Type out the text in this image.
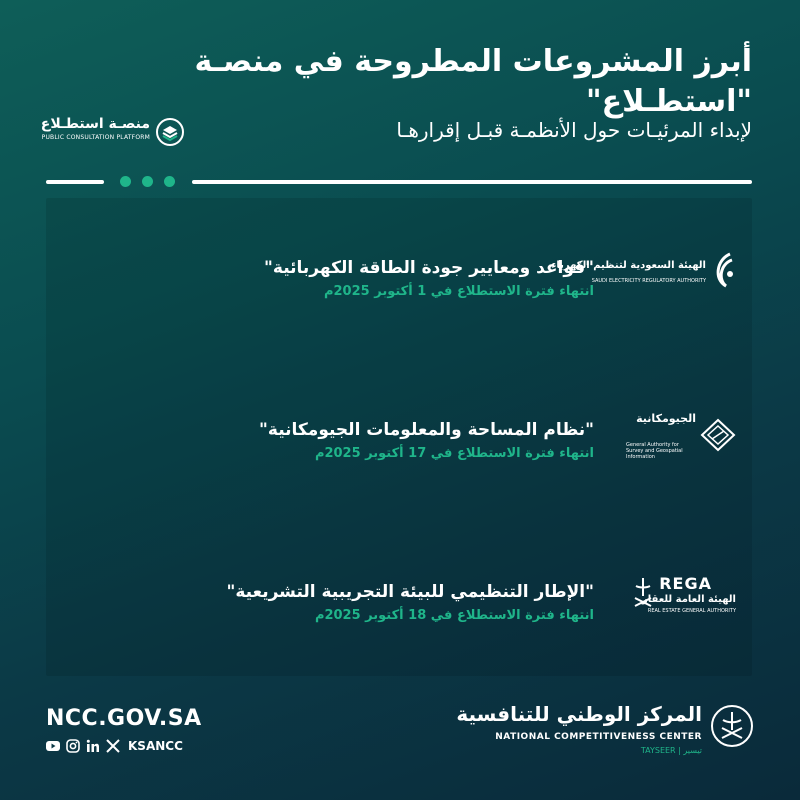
أبرز المشروعات المطروحة في منصـة "استطـلاع"
لإبداء المرئيـات حول الأنظمـة قبـل إقرارهـا
منصـة استطـلاع
PUBLIC CONSULTATION PLATFORM
"قواعد ومعايير جودة الطاقة الكهربائية"
انتهاء فترة الاستطلاع في 1 أكتوبر 2025م
الهيئة السعودية لتنظيم الكهرباء
SAUDI ELECTRICITY REGULATORY AUTHORITY
"نظام المساحة والمعلومات الجيومكانية"
انتهاء فترة الاستطلاع في 17 أكتوبر 2025م
الجيومكانية
General Authority for Survey and Geospatial Information
"الإطار التنظيمي للبيئة التجريبية التشريعية"
انتهاء فترة الاستطلاع في 18 أكتوبر 2025م
REGA
الهيئة العامة للعقار
REAL ESTATE GENERAL AUTHORITY
NCC.GOV.SA
KSANCC
المركز الوطني للتنافسية
NATIONAL COMPETITIVENESS CENTER
TAYSEER | تيسير
